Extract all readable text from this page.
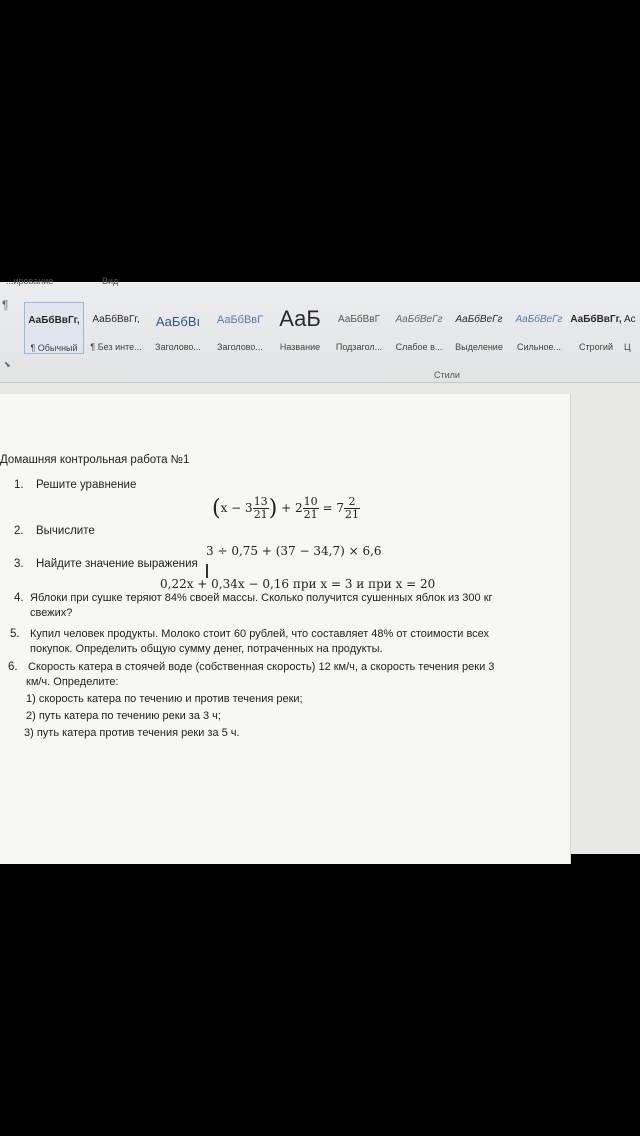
...ирование	Вид
¶
АаБбВвГг,
¶ Обычный
АаБбВвГг,
¶ Без инте...
АаБбВı
Заголово...
АаБбВвГ
Заголово...
АаБ
Название
АаБбВвГ
Подзагол...
АаБбВеГг
Слабое в...
АаБбВеГг
Выделение
АаБбВеГг
Сильное...
АаБбВвГг,
Строгий
Ас
Ц
⬊
Стили
Домашняя контрольная работа №1
1. Решите уравнение
($x - 3 \frac{13}{21}$ ) + $2 \frac{10}{21} = 7 \frac{2}{21}$
2. Вычислите
3 ÷ 0,75 + (37 − 34,7) × 6,6
3. Найдите значение выражения
0,22x + 0,34x − 0,16 при x = 3 и при x = 20
4. Яблоки при сушке теряют 84% своей массы. Сколько получится сушенных яблок из 300 кг
свежих?
5. Купил человек продукты. Молоко стоит 60 рублей, что составляет 48% от стоимости всех
покупок. Определить общую сумму денег, потраченных на продукты.
6. Скорость катера в стоячей воде (собственная скорость) 12 км/ч, а скорость течения реки 3
км/ч. Определите:
1) скорость катера по течению и против течения реки;
2) путь катера по течению реки за 3 ч;
3) путь катера против течения реки за 5 ч.
